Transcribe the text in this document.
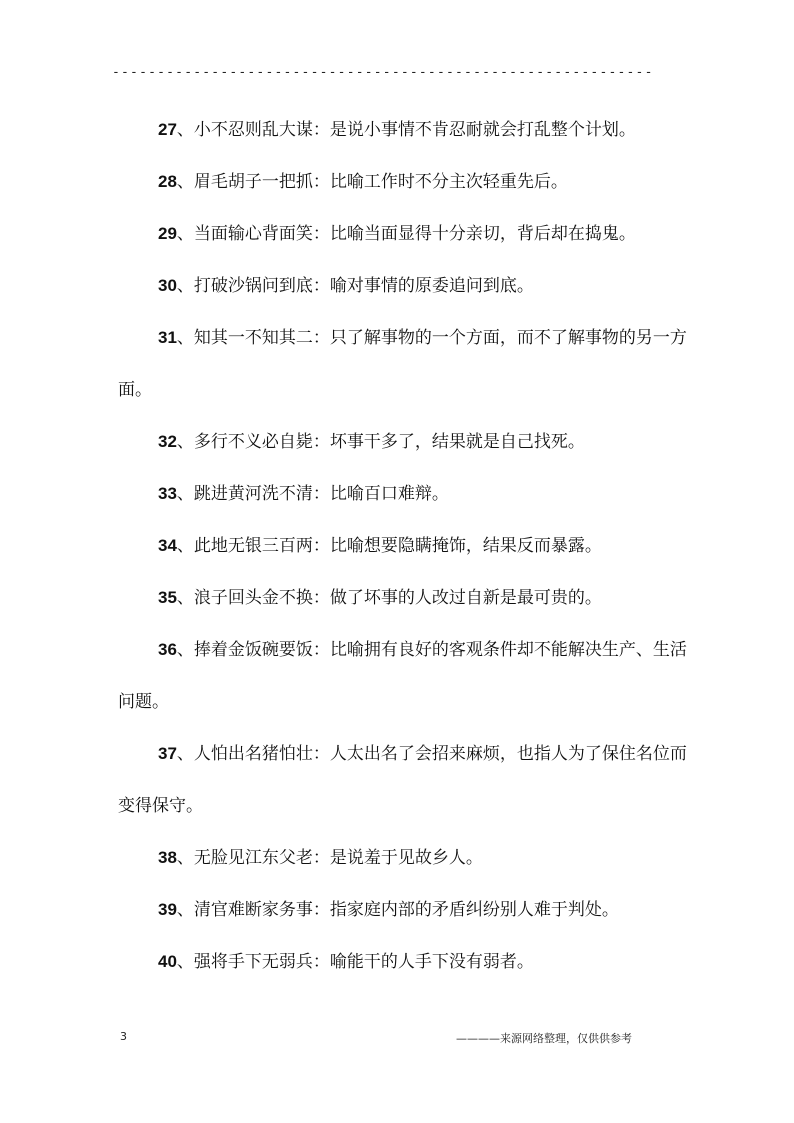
------------------------------------------------------------

27、小不忍则乱大谋：是说小事情不肯忍耐就会打乱整个计划。

28、眉毛胡子一把抓：比喻工作时不分主次轻重先后。

29、当面输心背面笑：比喻当面显得十分亲切，背后却在捣鬼。

30、打破沙锅问到底：喻对事情的原委追问到底。

31、知其一不知其二：只了解事物的一个方面，而不了解事物的另一方面。

32、多行不义必自毙：坏事干多了，结果就是自己找死。

33、跳进黄河洗不清：比喻百口难辩。

34、此地无银三百两：比喻想要隐瞒掩饰，结果反而暴露。

35、浪子回头金不换：做了坏事的人改过自新是最可贵的。

36、捧着金饭碗要饭：比喻拥有良好的客观条件却不能解决生产、生活问题。

37、人怕出名猪怕壮：人太出名了会招来麻烦，也指人为了保住名位而变得保守。

38、无脸见江东父老：是说羞于见故乡人。

39、清官难断家务事：指家庭内部的矛盾纠纷别人难于判处。

40、强将手下无弱兵：喻能干的人手下没有弱者。

3	————来源网络整理，仅供供参考
